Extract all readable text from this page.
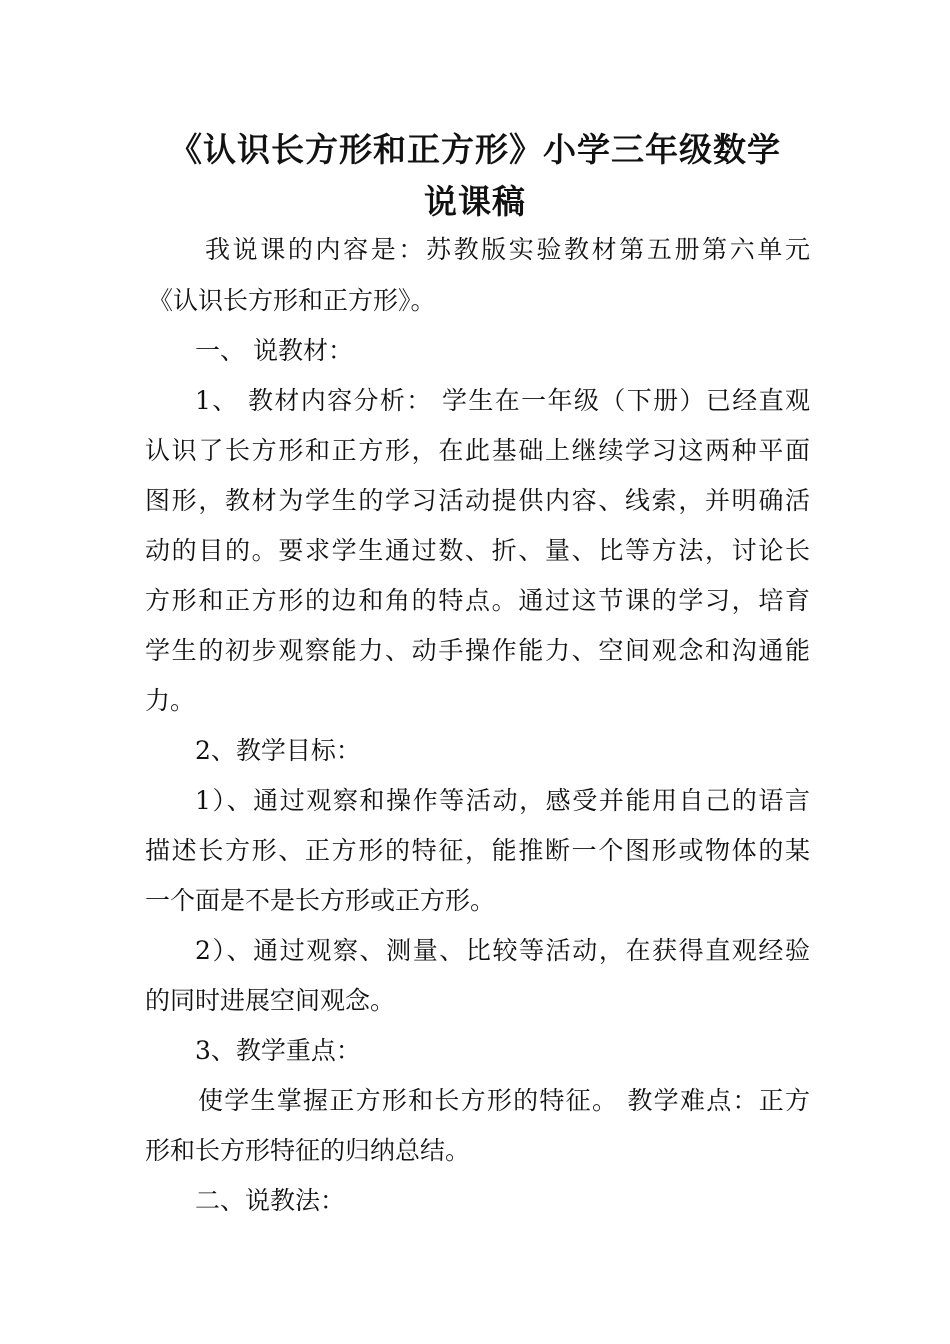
《认识长方形和正方形》小学三年级数学
说课稿
我说课的内容是：苏教版实验教材第五册第六单元
《认识长方形和正方形》。
一、 说教材：
1、 教材内容分析： 学生在一年级（下册）已经直观
认识了长方形和正方形，在此基础上继续学习这两种平面
图形，教材为学生的学习活动提供内容、线索，并明确活
动的目的。要求学生通过数、折、量、比等方法，讨论长
方形和正方形的边和角的特点。通过这节课的学习，培育
学生的初步观察能力、动手操作能力、空间观念和沟通能
力。
2、教学目标：
1）、通过观察和操作等活动，感受并能用自己的语言
描述长方形、正方形的特征，能推断一个图形或物体的某
一个面是不是长方形或正方形。
2）、通过观察、测量、比较等活动，在获得直观经验
的同时进展空间观念。
3、教学重点：
使学生掌握正方形和长方形的特征。 教学难点：正方
形和长方形特征的归纳总结。
二、说教法：
